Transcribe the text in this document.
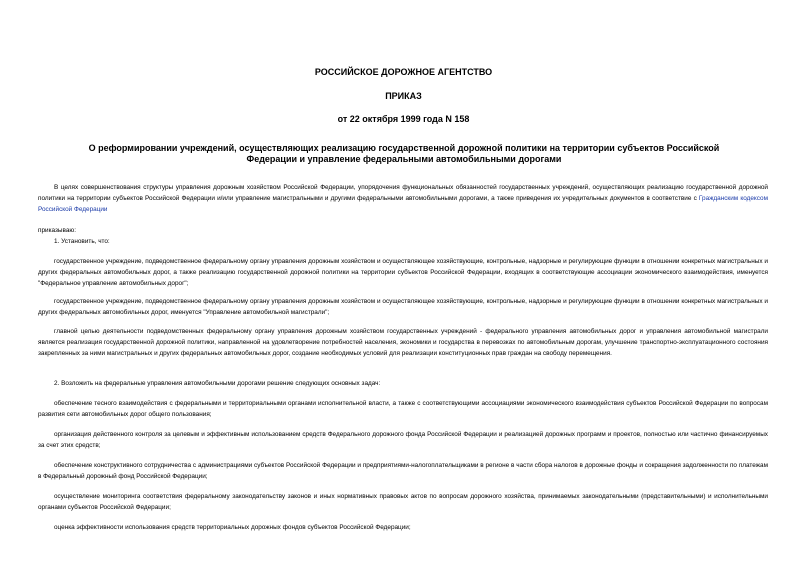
РОССИЙСКОЕ ДОРОЖНОЕ АГЕНТСТВО
ПРИКАЗ
от 22 октября 1999 года N 158
О реформировании учреждений, осуществляющих реализацию государственной дорожной политики на территории субъектов Российской Федерации и управление федеральными автомобильными дорогами
В целях совершенствования структуры управления дорожным хозяйством Российской Федерации, упорядочения функциональных обязанностей государственных учреждений, осуществляющих реализацию государственной дорожной политики на территории субъектов Российской Федерации и/или управление магистральными и другими федеральными автомобильными дорогами, а также приведения их учредительных документов в соответствие с Гражданским кодексом Российской Федерации
приказываю:
1. Установить, что:
государственное учреждение, подведомственное федеральному органу управления дорожным хозяйством и осуществляющее хозяйствующие, контрольные, надзорные и регулирующие функции в отношении конкретных магистральных и других федеральных автомобильных дорог, а также реализацию государственной дорожной политики на территории субъектов Российской Федерации, входящих в соответствующие ассоциации экономического взаимодействия, именуется "Федеральное управление автомобильных дорог";
государственное учреждение, подведомственное федеральному органу управления дорожным хозяйством и осуществляющее хозяйствующие, контрольные, надзорные и регулирующие функции в отношении конкретных магистральных и других федеральных автомобильных дорог, именуется "Управление автомобильной магистрали";
главной целью деятельности подведомственных федеральному органу управления дорожным хозяйством государственных учреждений - федерального управления автомобильных дорог и управления автомобильной магистрали является реализация государственной дорожной политики, направленной на удовлетворение потребностей населения, экономики и государства в перевозках по автомобильным дорогам, улучшение транспортно-эксплуатационного состояния закрепленных за ними магистральных и других федеральных автомобильных дорог, создание необходимых условий для реализации конституционных прав граждан на свободу перемещения.
2. Возложить на федеральные управления автомобильными дорогами решение следующих основных задач:
обеспечение тесного взаимодействия с федеральными и территориальными органами исполнительной власти, а также с соответствующими ассоциациями экономического взаимодействия субъектов Российской Федерации по вопросам развития сети автомобильных дорог общего пользования;
организация действенного контроля за целевым и эффективным использованием средств Федерального дорожного фонда Российской Федерации и реализацией дорожных программ и проектов, полностью или частично финансируемых за счет этих средств;
обеспечение конструктивного сотрудничества с администрациями субъектов Российской Федерации и предприятиями-налогоплательщиками в регионе в части сбора налогов в дорожные фонды и сокращения задолженности по платежам в Федеральный дорожный фонд Российской Федерации;
осуществление мониторинга соответствия федеральному законодательству законов и иных нормативных правовых актов по вопросам дорожного хозяйства, принимаемых законодательными (представительными) и исполнительными органами субъектов Российской Федерации;
оценка эффективности использования средств территориальных дорожных фондов субъектов Российской Федерации;
